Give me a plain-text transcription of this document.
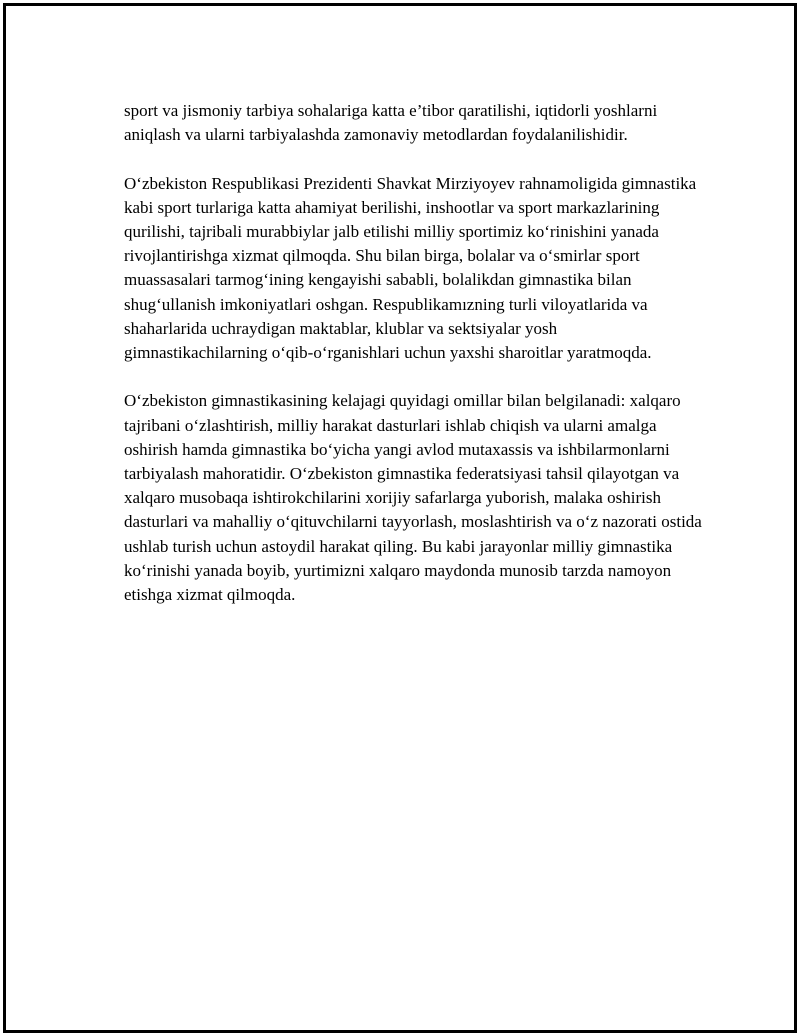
sport va jismoniy tarbiya sohalariga katta e’tibor qaratilishi, iqtidorli yoshlarni aniqlash va ularni tarbiyalashda zamonaviy metodlardan foydalanilishidir.

O‘zbekiston Respublikasi Prezidenti Shavkat Mirziyoyev rahnamoligida gimnastika kabi sport turlariga katta ahamiyat berilishi, inshootlar va sport markazlarining qurilishi, tajribali murabbiylar jalb etilishi milliy sportimiz ko‘rinishini yanada rivojlantirishga xizmat qilmoqda. Shu bilan birga, bolalar va o‘smirlar sport muassasalari tarmog‘ining kengayishi sababli, bolalikdan gimnastika bilan shug‘ullanish imkoniyatlari oshgan. Respublikamızning turli viloyatlarida va shaharlarida uchraydigan maktablar, klublar va sektsiyalar yosh gimnastikachilarning o‘qib-o‘rganishlari uchun yaxshi sharoitlar yaratmoqda.

O‘zbekiston gimnastikasining kelajagi quyidagi omillar bilan belgilanadi: xalqaro tajribani o‘zlashtirish, milliy harakat dasturlari ishlab chiqish va ularni amalga oshirish hamda gimnastika bo‘yicha yangi avlod mutaxassis va ishbilarmonlarni tarbiyalash mahoratidir. O‘zbekiston gimnastika federatsiyasi tahsil qilayotgan va xalqaro musobaqa ishtirokchilarini xorijiy safarlarga yuborish, malaka oshirish dasturlari va mahalliy o‘qituvchilarni tayyorlash, moslashtirish va o‘z nazorati ostida ushlab turish uchun astoydil harakat qiling. Bu kabi jarayonlar milliy gimnastika ko‘rinishi yanada boyib, yurtimizni xalqaro maydonda munosib tarzda namoyon etishga xizmat qilmoqda.
